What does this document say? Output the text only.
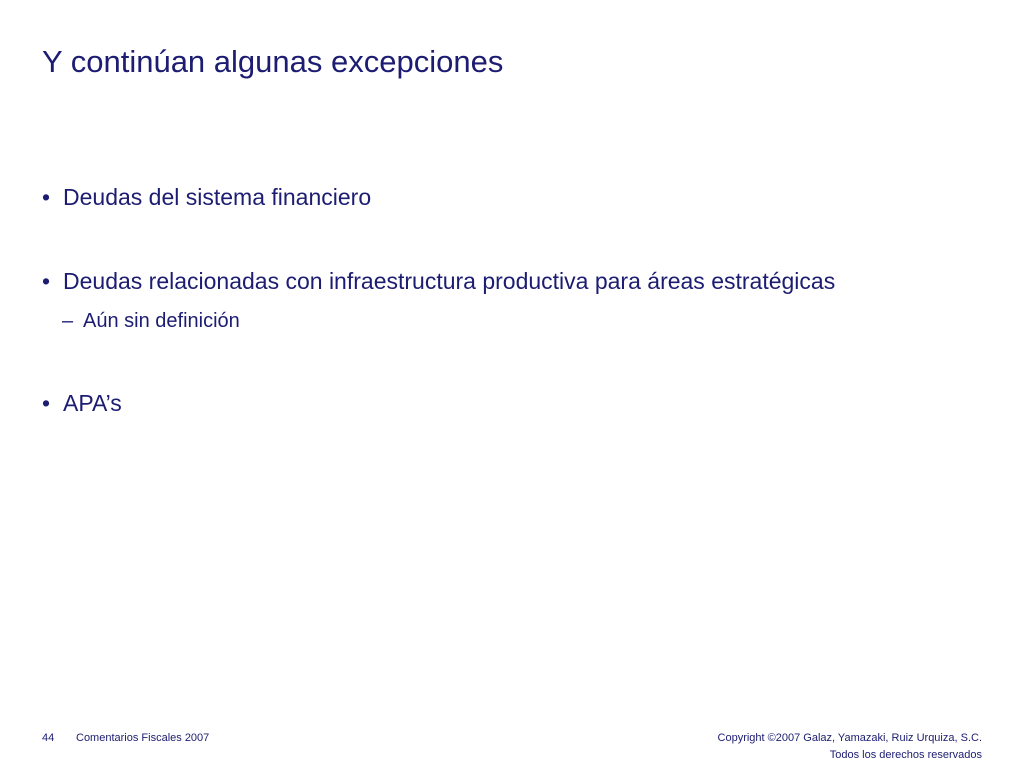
Y continúan algunas excepciones
• Deudas del sistema financiero
• Deudas relacionadas con infraestructura productiva para áreas estratégicas
– Aún sin definición
• APA’s
44 Comentarios Fiscales 2007	Copyright ©2007 Galaz, Yamazaki, Ruiz Urquiza, S.C.
Todos los derechos reservados
